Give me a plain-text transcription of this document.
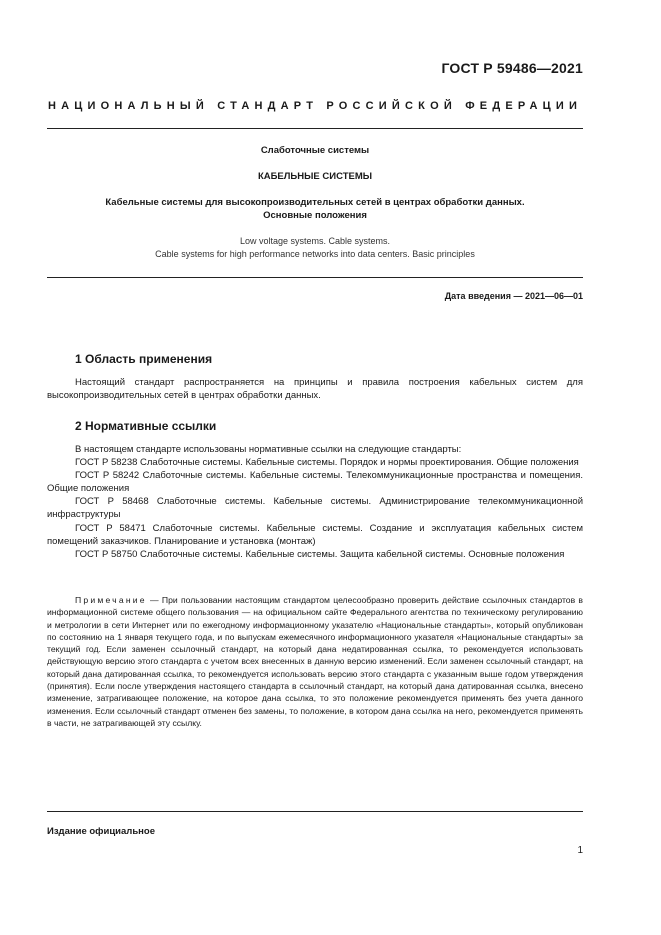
ГОСТ Р 59486—2021
НАЦИОНАЛЬНЫЙ СТАНДАРТ РОССИЙСКОЙ ФЕДЕРАЦИИ
Слаботочные системы
КАБЕЛЬНЫЕ СИСТЕМЫ
Кабельные системы для высокопроизводительных сетей в центрах обработки данных.
Основные положения
Low voltage systems. Cable systems.
Cable systems for high performance networks into data centers. Basic principles
Дата введения — 2021—06—01
1 Область применения

Настоящий стандарт распространяется на принципы и правила построения кабельных систем для высокопроизводительных сетей в центрах обработки данных.

2 Нормативные ссылки

В настоящем стандарте использованы нормативные ссылки на следующие стандарты:

ГОСТ Р 58238 Слаботочные системы. Кабельные системы. Порядок и нормы проектирования. Общие положения

ГОСТ Р 58242 Слаботочные системы. Кабельные системы. Телекоммуникационные пространства и помещения. Общие положения

ГОСТ Р 58468 Слаботочные системы. Кабельные системы. Администрирование телекоммуникационной инфраструктуры

ГОСТ Р 58471 Слаботочные системы. Кабельные системы. Создание и эксплуатация кабельных систем помещений заказчиков. Планирование и установка (монтаж)

ГОСТ Р 58750 Слаботочные системы. Кабельные системы. Защита кабельной системы. Основные положения

Примечание — При пользовании настоящим стандартом целесообразно проверить действие ссылочных стандартов в информационной системе общего пользования — на официальном сайте Федерального агентства по техническому регулированию и метрологии в сети Интернет или по ежегодному информационному указателю «Национальные стандарты», который опубликован по состоянию на 1 января текущего года, и по выпускам ежемесячного информационного указателя «Национальные стандарты» за текущий год. Если заменен ссылочный стандарт, на который дана недатированная ссылка, то рекомендуется использовать действующую версию этого стандарта с учетом всех внесенных в данную версию изменений. Если заменен ссылочный стандарт, на который дана датированная ссылка, то рекомендуется использовать версию этого стандарта с указанным выше годом утверждения (принятия). Если после утверждения настоящего стандарта в ссылочный стандарт, на который дана датированная ссылка, внесено изменение, затрагивающее положение, на которое дана ссылка, то это положение рекомендуется применять без учета данного изменения. Если ссылочный стандарт отменен без замены, то положение, в котором дана ссылка на него, рекомендуется применять в части, не затрагивающей эту ссылку.
Издание официальное
1
